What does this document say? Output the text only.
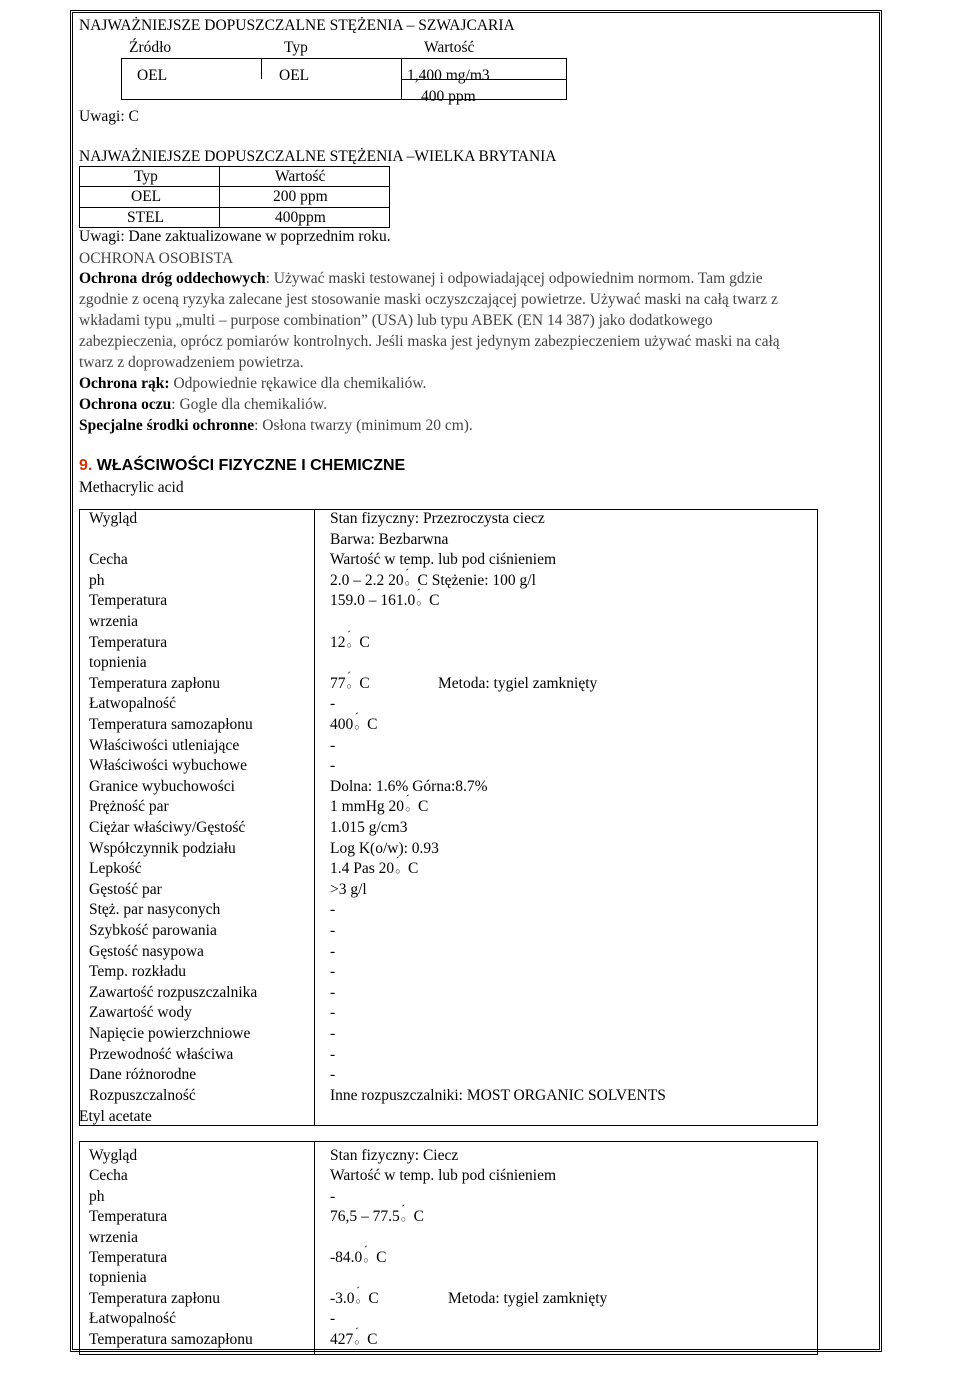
NAJWAŻNIEJSZE DOPUSZCZALNE STĘŻENIA – SZWAJCARIA
Źródło	Typ	Wartość
OEL	OEL	1,400 mg/m3
400 ppm
Uwagi: C
NAJWAŻNIEJSZE DOPUSZCZALNE STĘŻENIA –WIELKA BRYTANIA
Typ	Wartość
OEL	200 ppm
STEL	400ppm
Uwagi: Dane zaktualizowane w poprzednim roku.
OCHRONA OSOBISTA
Ochrona dróg oddechowych: Używać maski testowanej i odpowiadającej odpowiednim normom. Tam gdzie
zgodnie z oceną ryzyka zalecane jest stosowanie maski oczyszczającej powietrze. Używać maski na całą twarz z
wkładami typu „multi – purpose combination” (USA) lub typu ABEK (EN 14 387) jako dodatkowego
zabezpieczenia, oprócz pomiarów kontrolnych. Jeśli maska jest jedynym zabezpieczeniem używać maski na całą
twarz z doprowadzeniem powietrza.
Ochrona rąk: Odpowiednie rękawice dla chemikaliów.
Ochrona oczu: Gogle dla chemikaliów.
Specjalne środki ochronne: Osłona twarzy (minimum 20 cm).
9. WŁAŚCIWOŚCI FIZYCZNE I CHEMICZNE
Methacrylic acid
Wygląd	Stan fizyczny: Przezroczysta ciecz
Barwa: Bezbarwna
Cecha	Wartość w temp. lub pod ciśnieniem
ph	2.0 – 2.2 20○ C Stężenie: 100 g/l
Temperatura	159.0 – 161.0○ C
wrzenia
Temperatura	12○ C
topnienia
Temperatura zapłonu	77○ C	Metoda: tygiel zamknięty
Łatwopalność	-
Temperatura samozapłonu	400○ C
Właściwości utleniające	-
Właściwości wybuchowe	-
Granice wybuchowości	Dolna: 1.6% Górna:8.7%
Prężność par	1 mmHg 20○ C
Ciężar właściwy/Gęstość	1.015 g/cm3
Współczynnik podziału	Log K(o/w): 0.93
Lepkość	1.4 Pas 20○ C
Gęstość par	>3 g/l
Stęż. par nasyconych	-
Szybkość parowania	-
Gęstość nasypowa	-
Temp. rozkładu	-
Zawartość rozpuszczalnika	-
Zawartość wody	-
Napięcie powierzchniowe	-
Przewodność właściwa	-
Dane różnorodne	-
Rozpuszczalność	Inne rozpuszczalniki: MOST ORGANIC SOLVENTS
Etyl acetate
Wygląd	Stan fizyczny: Ciecz
Cecha	Wartość w temp. lub pod ciśnieniem
ph	-
Temperatura	76,5 – 77.5○ C
wrzenia
Temperatura	-84.0○ C
topnienia
Temperatura zapłonu	-3.0○ C	Metoda: tygiel zamknięty
Łatwopalność	-
Temperatura samozapłonu	427○ C
